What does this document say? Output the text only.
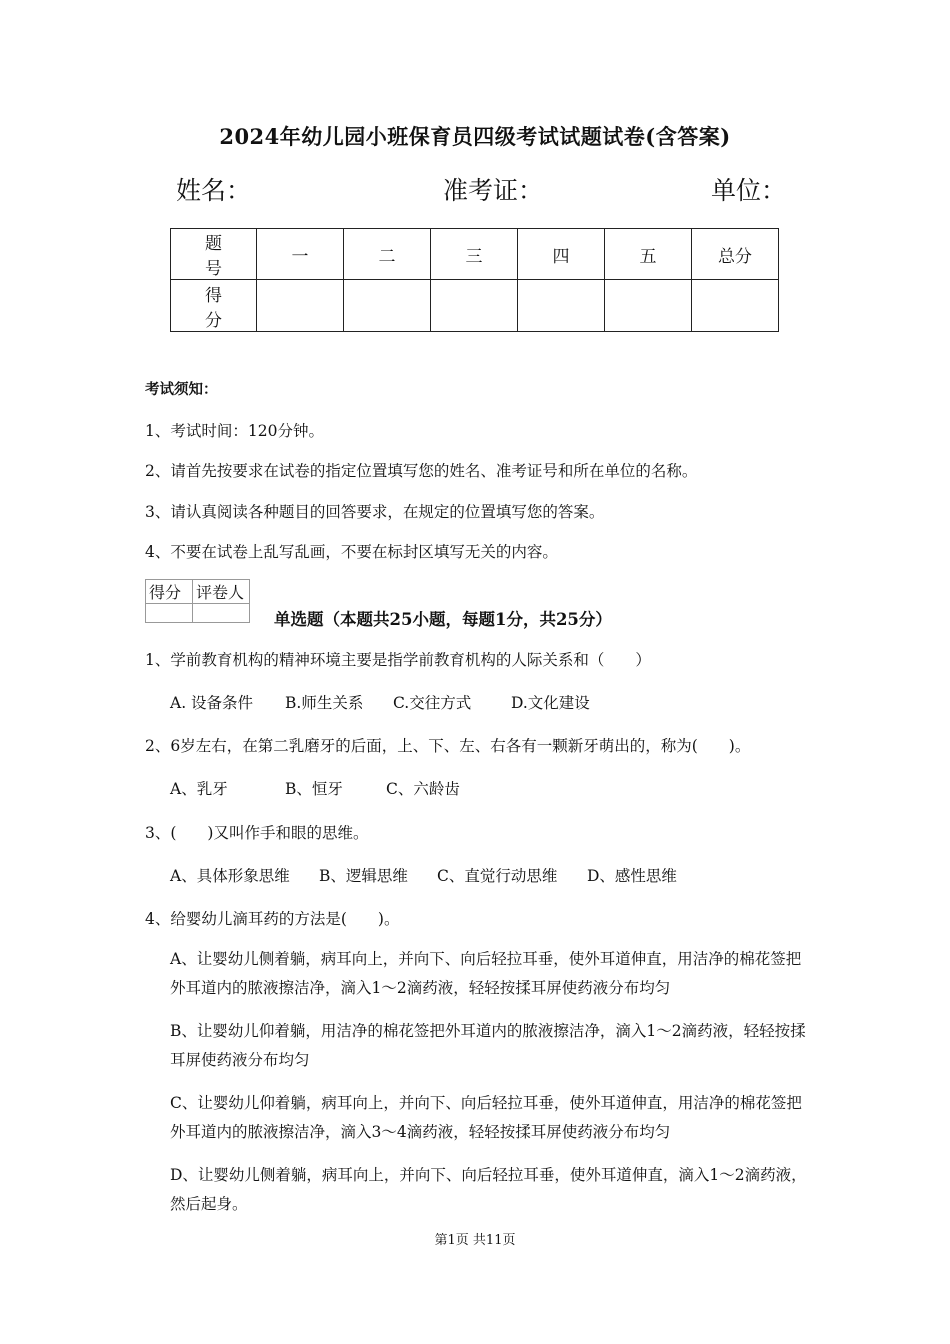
2024年幼儿园小班保育员四级考试试题试卷(含答案)
姓名：	准考证：	单位：
题号	一	二	三	四	五	总分
得分						
考试须知：
1、考试时间：120分钟。
2、请首先按要求在试卷的指定位置填写您的姓名、准考证号和所在单位的名称。
3、请认真阅读各种题目的回答要求，在规定的位置填写您的答案。
4、不要在试卷上乱写乱画，不要在标封区填写无关的内容。
得分	评卷人

单选题（本题共25小题，每题1分，共25分）
1、学前教育机构的精神环境主要是指学前教育机构的人际关系和（　　）
A. 设备条件 B.师生关系 C.交往方式	D.文化建设
2、6岁左右，在第二乳磨牙的后面，上、下、左、右各有一颗新牙萌出的，称为(　　)。
A、乳牙	B、恒牙	C、六龄齿
3、(　　)又叫作手和眼的思维。
A、具体形象思维 B、逻辑思维 C、直觉行动思维 D、感性思维
4、给婴幼儿滴耳药的方法是(　　)。
A、让婴幼儿侧着躺，病耳向上，并向下、向后轻拉耳垂，使外耳道伸直，用洁净的棉花签把外耳道内的脓液擦洁净，滴入1～2滴药液，轻轻按揉耳屏使药液分布均匀
B、让婴幼儿仰着躺，用洁净的棉花签把外耳道内的脓液擦洁净，滴入1～2滴药液，轻轻按揉耳屏使药液分布均匀
C、让婴幼儿仰着躺，病耳向上，并向下、向后轻拉耳垂，使外耳道伸直，用洁净的棉花签把外耳道内的脓液擦洁净，滴入3～4滴药液，轻轻按揉耳屏使药液分布均匀
D、让婴幼儿侧着躺，病耳向上，并向下、向后轻拉耳垂，使外耳道伸直，滴入1～2滴药液，然后起身。
第1页 共11页
